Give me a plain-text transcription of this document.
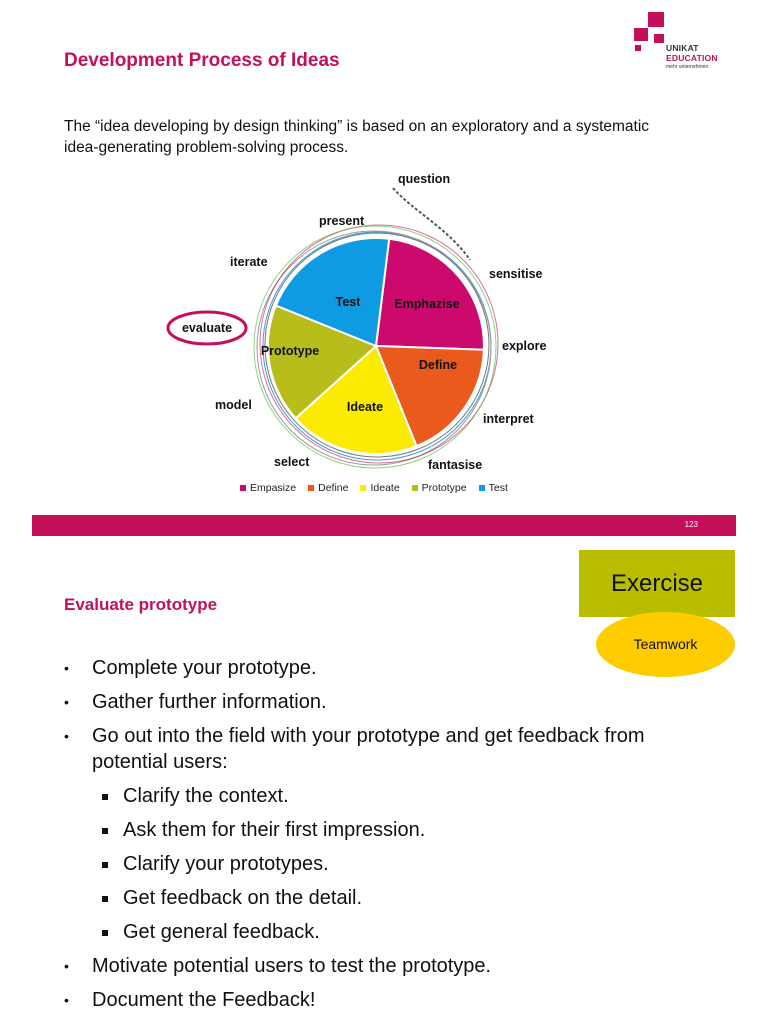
Development Process of Ideas
The “idea developing by design thinking” is based on an exploratory and a systematic idea-generating problem-solving process.
UNIKAT
EDUCATION
mehr unternehmen
Emphazise
Define
Ideate
Prototype
Test
question
present
sensitise
iterate
evaluate
explore
model
interpret
select	fantasise
Empasize Define Ideate Prototype Test
123
Exercise
Teamwork
Evaluate prototype
• Complete your prototype.
• Gather further information.
• Go out into the field with your prototype and get feedback from potential users:
Clarify the context.
Ask them for their first impression.
Clarify your prototypes.
Get feedback on the detail.
Get general feedback.
• Motivate potential users to test the prototype.
• Document the Feedback!
